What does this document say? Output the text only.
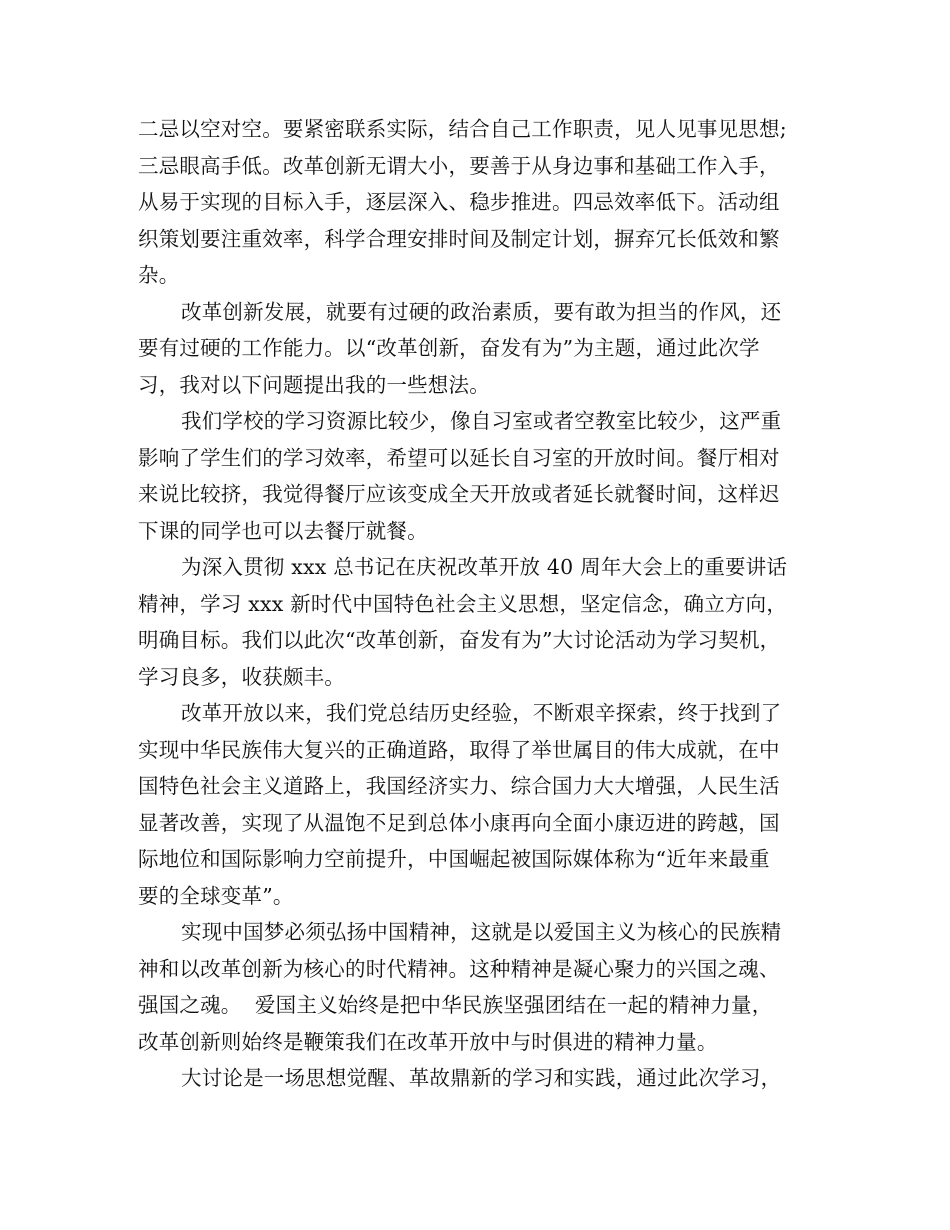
二忌以空对空。要紧密联系实际，结合自己工作职责，见人见事见思想;
三忌眼高手低。改革创新无谓大小，要善于从身边事和基础工作入手，
从易于实现的目标入手，逐层深入、稳步推进。四忌效率低下。活动组
织策划要注重效率，科学合理安排时间及制定计划，摒弃冗长低效和繁
杂。
改革创新发展，就要有过硬的政治素质，要有敢为担当的作风，还
要有过硬的工作能力。以“改革创新，奋发有为”为主题，通过此次学
习，我对以下问题提出我的一些想法。
我们学校的学习资源比较少，像自习室或者空教室比较少，这严重
影响了学生们的学习效率，希望可以延长自习室的开放时间。餐厅相对
来说比较挤，我觉得餐厅应该变成全天开放或者延长就餐时间，这样迟
下课的同学也可以去餐厅就餐。
为深入贯彻 xxx 总书记在庆祝改革开放 40 周年大会上的重要讲话
精神，学习 xxx 新时代中国特色社会主义思想，坚定信念，确立方向，
明确目标。我们以此次“改革创新，奋发有为”大讨论活动为学习契机，
学习良多，收获颇丰。
改革开放以来，我们党总结历史经验，不断艰辛探索，终于找到了
实现中华民族伟大复兴的正确道路，取得了举世属目的伟大成就，在中
国特色社会主义道路上，我国经济实力、综合国力大大增强，人民生活
显著改善，实现了从温饱不足到总体小康再向全面小康迈进的跨越，国
际地位和国际影响力空前提升，中国崛起被国际媒体称为“近年来最重
要的全球变革”。
实现中国梦必须弘扬中国精神，这就是以爱国主义为核心的民族精
神和以改革创新为核心的时代精神。这种精神是凝心聚力的兴国之魂、
强国之魂。  爱国主义始终是把中华民族坚强团结在一起的精神力量，
改革创新则始终是鞭策我们在改革开放中与时俱进的精神力量。
大讨论是一场思想觉醒、革故鼎新的学习和实践，通过此次学习，
